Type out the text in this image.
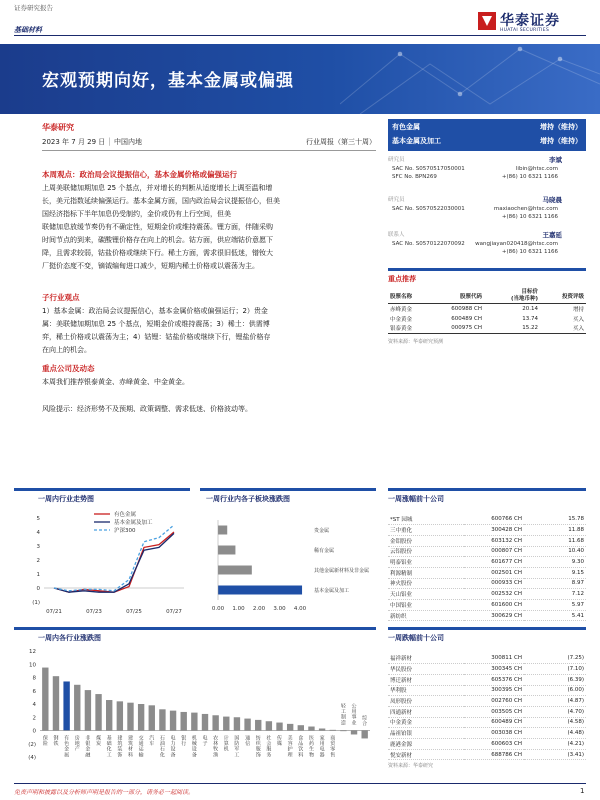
证券研究报告
基础材料
华泰证券
HUATAI SECURITIES
宏观预期向好，基本金属或偏强
华泰研究
2023 年 7 月 29 日 │ 中国内地	行业周报（第三十周）
本周观点：政治局会议提振信心，基本金属价格或偏强运行
上周美联储加期加息 25 个基点，并对增长的判断从适度增长上调至温和增
长，美元指数延续偏强运行。基本金属方面，国内政治局会议提振信心，但美
国经济指标下半年加息仍受制约，金价或仍有上行空间，但美
联储加息放缓节奏仍有不确定性，短期金价或维持震荡。锂方面，伴随采购
时间节点的到来，碳酸锂价格存在向上的机会。钴方面，供应端钴价意愿下
降，且需求较弱，钴盐价格或继续下行。稀土方面，需求很旧低迷，镨钕大
厂挺价态度不变，镝钺编甸进口减少，短期内稀土价格或以震荡为主。
子行业观点
1）基本金属：政治局会议提振信心，基本金属价格或偏强运行；2）贵金
属：美联储加期加息 25 个基点，短期金价或维持震荡；3）稀土：供需博
弈，稀土价格或以震荡为主；4）钴锂：钴盐价格或继续下行，锂盐价格存
在向上的机会。
重点公司及动态
本周我们推荐银泰黄金、赤峰黄金、中金黄金。
风险提示：经济形势不及预期、政策调整、需求低迷、价格波动等。
有色金属	增持（维持）
基本金属及加工	增持（维持）
研究员	李斌
SAC No. S0570517050001	libin@htsc.com
SFC No. BPN269	+(86) 10 6321 1166
研究员	马晓晨
SAC No. S0570522030001	maxiaochen@htsc.com
+(86) 10 6321 1166
联系人	王嘉延
SAC No. S0570122070092 wangjiayan020418@htsc.com
+(86) 10 6321 1166
重点推荐
股票名称	股票代码	目标价
(当地币种)	投资评级
赤峰黄金	600988 CH	20.14	增持
中金黄金	600489 CH	13.74	买入
银泰黄金	000975 CH	15.22	买入
资料来源：华泰研究预测
一周内行业走势图
5
4
3
2
1
0
(1)
07/21	07/23	07/25	07/27
有色金属
基本金属及加工
沪深300
一周行业内各子板块涨跌图
贵金属
稀有金属
其他金属新材料及非金属
基本金属及加工
0.00 1.00 2.00 3.00 4.00
一周涨幅前十公司
*ST 园城	600766 CH	15.78
三中重化	300428 CH	11.88
金钼股份	603132 CH	11.68
云铝股份	000807 CH	10.40
明泰铝业	601677 CH	9.30
利源精制	002501 CH	9.15
神火股份	000933 CH	8.97
天山铝业	002532 CH	7.12
中国铝业	601600 CH	5.97
新纺织	300629 CH	5.41
一周内各行业涨跌图
12
10
8
6
4
2
0
(2)
(4)
保险
钢铁
有色金属
房地产
非银金融
煤炭
基础化工
建筑装饰
建筑材料
交通运输
汽车
石油石化
电力设备
银行
机械设备
电子
农林牧渔
计算机
国防军工
通信
纺织服饰
社会服务
传媒
美容护理
食品饮料
医药生物
家用电器
商贸零售
轻工制造
公用事业
综合
一周跌幅前十公司
福祥新材	300811 CH	(7.25)
华民股份	300345 CH	(7.10)
博迁新材	605376 CH	(6.39)
华利股	300395 CH	(6.00)
凤形股份	002760 CH	(4.87)
四通新材	003505 CH	(4.70)
中金黄金	600489 CH	(4.58)
晶祖铂银	003038 CH	(4.48)
鹿港金源	600603 CH	(4.21)
悦安新材	688786 CH	(3.41)
资料来源：华泰研究
免责声明和披露以及分析师声明是报告的一部分，请务必一起阅读。	1
